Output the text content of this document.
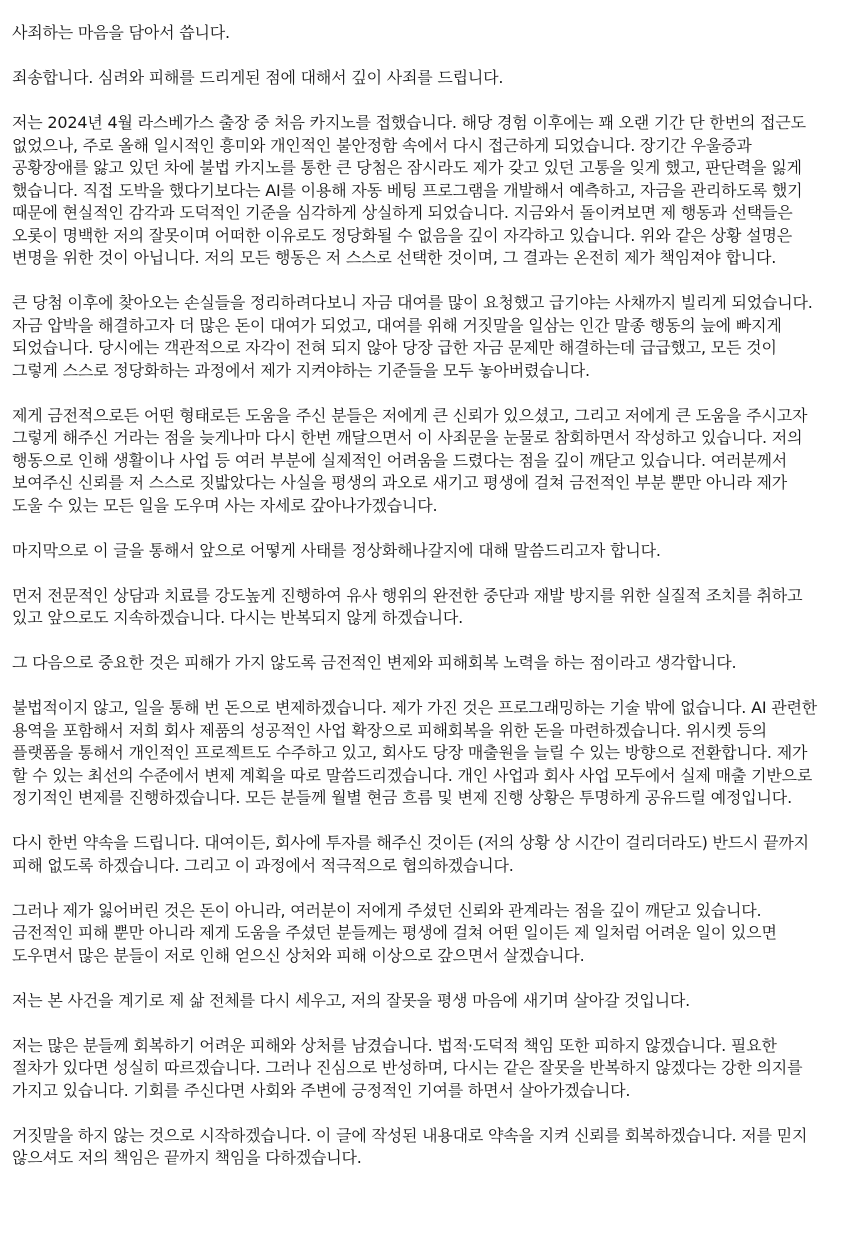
사죄하는 마음을 담아서 씁니다.

죄송합니다. 심려와 피해를 드리게된 점에 대해서 깊이 사죄를 드립니다.

저는 2024년 4월 라스베가스 출장 중 처음 카지노를 접했습니다. 해당 경험 이후에는 꽤 오랜 기간 단 한번의 접근도 없었으나, 주로 올해 일시적인 흥미와 개인적인 불안정함 속에서 다시 접근하게 되었습니다. 장기간 우울증과 공황장애를 앓고 있던 차에 불법 카지노를 통한 큰 당첨은 잠시라도 제가 갖고 있던 고통을 잊게 했고, 판단력을 잃게 했습니다. 직접 도박을 했다기보다는 AI를 이용해 자동 베팅 프로그램을 개발해서 예측하고, 자금을 관리하도록 했기 때문에 현실적인 감각과 도덕적인 기준을 심각하게 상실하게 되었습니다. 지금와서 돌이켜보면 제 행동과 선택들은 오롯이 명백한 저의 잘못이며 어떠한 이유로도 정당화될 수 없음을 깊이 자각하고 있습니다. 위와 같은 상황 설명은 변명을 위한 것이 아닙니다. 저의 모든 행동은 저 스스로 선택한 것이며, 그 결과는 온전히 제가 책임져야 합니다.

큰 당첨 이후에 찾아오는 손실들을 정리하려다보니 자금 대여를 많이 요청했고 급기야는 사채까지 빌리게 되었습니다. 자금 압박을 해결하고자 더 많은 돈이 대여가 되었고, 대여를 위해 거짓말을 일삼는 인간 말종 행동의 늪에 빠지게 되었습니다. 당시에는 객관적으로 자각이 전혀 되지 않아 당장 급한 자금 문제만 해결하는데 급급했고, 모든 것이 그렇게 스스로 정당화하는 과정에서 제가 지켜야하는 기준들을 모두 놓아버렸습니다.

제게 금전적으로든 어떤 형태로든 도움을 주신 분들은 저에게 큰 신뢰가 있으셨고, 그리고 저에게 큰 도움을 주시고자 그렇게 해주신 거라는 점을 늦게나마 다시 한번 깨달으면서 이 사죄문을 눈물로 참회하면서 작성하고 있습니다. 저의 행동으로 인해 생활이나 사업 등 여러 부분에 실제적인 어려움을 드렸다는 점을 깊이 깨닫고 있습니다. 여러분께서 보여주신 신뢰를 저 스스로 짓밟았다는 사실을 평생의 과오로 새기고 평생에 걸쳐 금전적인 부분 뿐만 아니라 제가 도울 수 있는 모든 일을 도우며 사는 자세로 갚아나가겠습니다.

마지막으로 이 글을 통해서 앞으로 어떻게 사태를 정상화해나갈지에 대해 말씀드리고자 합니다.

먼저 전문적인 상담과 치료를 강도높게 진행하여 유사 행위의 완전한 중단과 재발 방지를 위한 실질적 조치를 취하고 있고 앞으로도 지속하겠습니다. 다시는 반복되지 않게 하겠습니다.

그 다음으로 중요한 것은 피해가 가지 않도록 금전적인 변제와 피해회복 노력을 하는 점이라고 생각합니다.

불법적이지 않고, 일을 통해 번 돈으로 변제하겠습니다. 제가 가진 것은 프로그래밍하는 기술 밖에 없습니다. AI 관련한 용역을 포함해서 저희 회사 제품의 성공적인 사업 확장으로 피해회복을 위한 돈을 마련하겠습니다. 위시켓 등의 플랫폼을 통해서 개인적인 프로젝트도 수주하고 있고, 회사도 당장 매출원을 늘릴 수 있는 방향으로 전환합니다. 제가 할 수 있는 최선의 수준에서 변제 계획을 따로 말씀드리겠습니다. 개인 사업과 회사 사업 모두에서 실제 매출 기반으로 정기적인 변제를 진행하겠습니다. 모든 분들께 월별 현금 흐름 및 변제 진행 상황은 투명하게 공유드릴 예정입니다.

다시 한번 약속을 드립니다. 대여이든, 회사에 투자를 해주신 것이든 (저의 상황 상 시간이 걸리더라도) 반드시 끝까지 피해 없도록 하겠습니다. 그리고 이 과정에서 적극적으로 협의하겠습니다.

그러나 제가 잃어버린 것은 돈이 아니라, 여러분이 저에게 주셨던 신뢰와 관계라는 점을 깊이 깨닫고 있습니다. 금전적인 피해 뿐만 아니라 제게 도움을 주셨던 분들께는 평생에 걸쳐 어떤 일이든 제 일처럼 어려운 일이 있으면 도우면서 많은 분들이 저로 인해 얻으신 상처와 피해 이상으로 갚으면서 살겠습니다.

저는 본 사건을 계기로 제 삶 전체를 다시 세우고, 저의 잘못을 평생 마음에 새기며 살아갈 것입니다.

저는 많은 분들께 회복하기 어려운 피해와 상처를 남겼습니다. 법적·도덕적 책임 또한 피하지 않겠습니다. 필요한 절차가 있다면 성실히 따르겠습니다. 그러나 진심으로 반성하며, 다시는 같은 잘못을 반복하지 않겠다는 강한 의지를 가지고 있습니다. 기회를 주신다면 사회와 주변에 긍정적인 기여를 하면서 살아가겠습니다.

거짓말을 하지 않는 것으로 시작하겠습니다. 이 글에 작성된 내용대로 약속을 지켜 신뢰를 회복하겠습니다. 저를 믿지 않으셔도 저의 책임은 끝까지 책임을 다하겠습니다.
